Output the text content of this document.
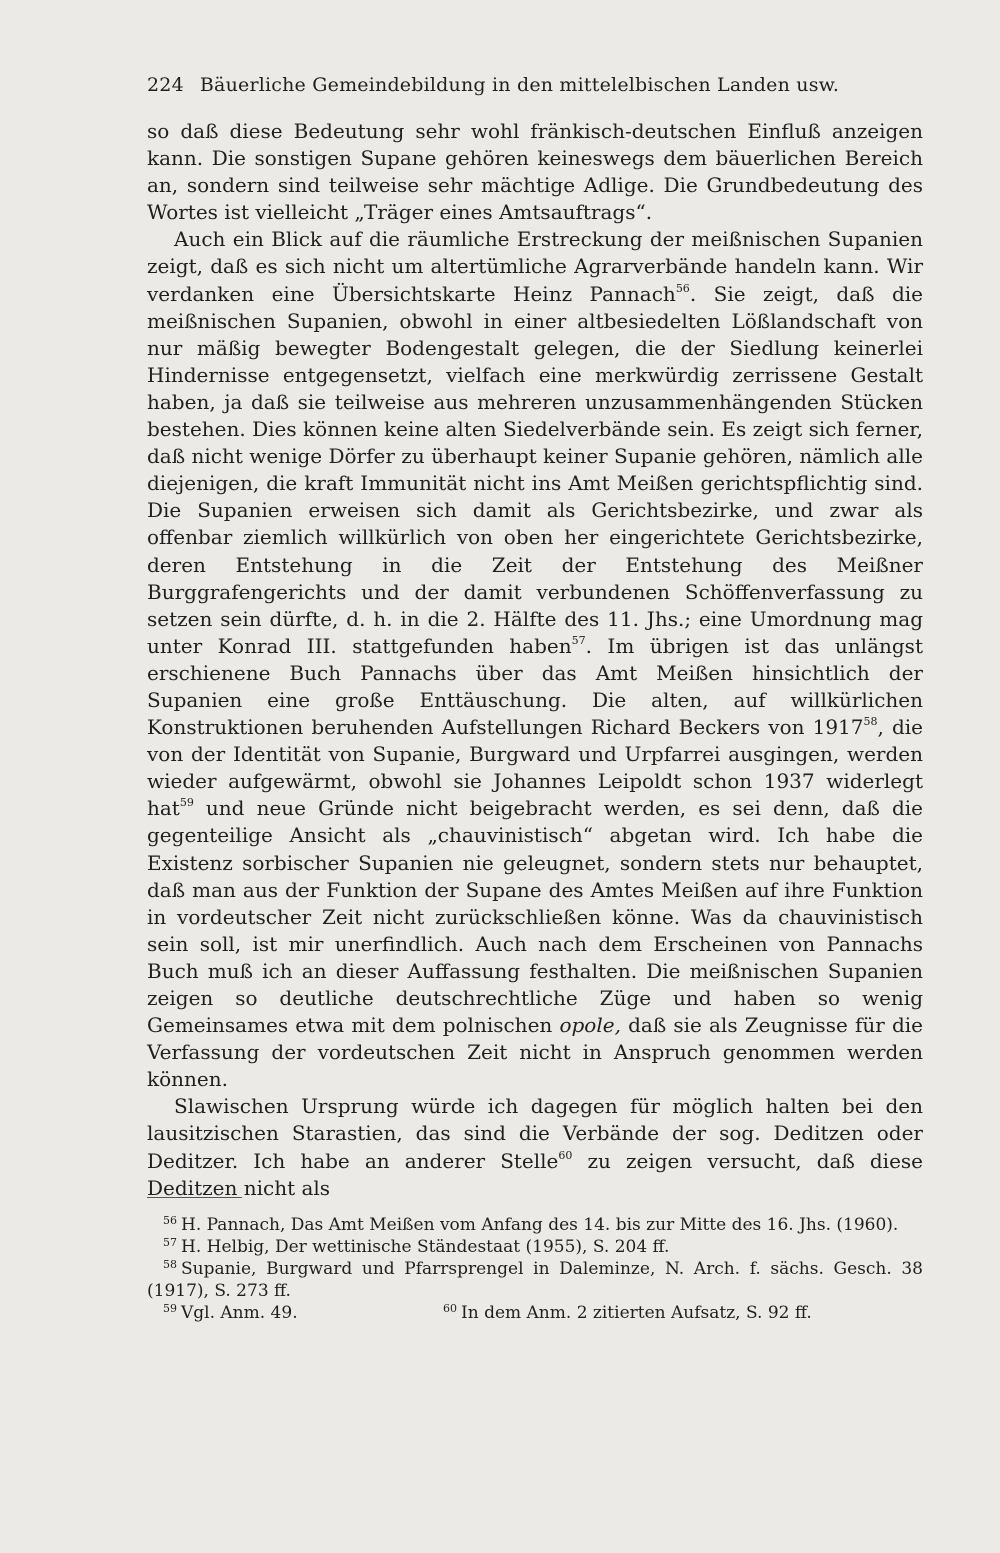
224 Bäuerliche Gemeindebildung in den mittelelbischen Landen usw.

so daß diese Bedeutung sehr wohl fränkisch-deutschen Einfluß anzeigen kann. Die sonstigen Supane gehören keineswegs dem bäuerlichen Bereich an, sondern sind teilweise sehr mächtige Adlige. Die Grundbedeutung des Wortes ist vielleicht „Träger eines Amtsauftrags“.

Auch ein Blick auf die räumliche Erstreckung der meißnischen Supanien zeigt, daß es sich nicht um altertümliche Agrarverbände handeln kann. Wir verdanken eine Übersichtskarte Heinz Pannach$^{56}$. Sie zeigt, daß die meißnischen Supanien, obwohl in einer altbesiedelten Lößlandschaft von nur mäßig bewegter Bodengestalt gelegen, die der Siedlung keinerlei Hindernisse entgegensetzt, vielfach eine merkwürdig zerrissene Gestalt haben, ja daß sie teilweise aus mehreren unzusammenhängenden Stücken bestehen. Dies können keine alten Siedelverbände sein. Es zeigt sich ferner, daß nicht wenige Dörfer zu überhaupt keiner Supanie gehören, nämlich alle diejenigen, die kraft Immunität nicht ins Amt Meißen gerichtspflichtig sind. Die Supanien erweisen sich damit als Gerichtsbezirke, und zwar als offenbar ziemlich willkürlich von oben her eingerichtete Gerichtsbezirke, deren Entstehung in die Zeit der Entstehung des Meißner Burggrafengerichts und der damit verbundenen Schöffenverfassung zu setzen sein dürfte, d. h. in die 2. Hälfte des 11. Jhs.; eine Umordnung mag unter Konrad III. stattgefunden haben$^{57}$. Im übrigen ist das unlängst erschienene Buch Pannachs über das Amt Meißen hinsichtlich der Supanien eine große Enttäuschung. Die alten, auf willkürlichen Konstruktionen beruhenden Aufstellungen Richard Beckers von 1917$^{58}$, die von der Identität von Supanie, Burgward und Urpfarrei ausgingen, werden wieder aufgewärmt, obwohl sie Johannes Leipoldt schon 1937 widerlegt hat$^{59}$ und neue Gründe nicht beigebracht werden, es sei denn, daß die gegenteilige Ansicht als „chauvinistisch“ abgetan wird. Ich habe die Existenz sorbischer Supanien nie geleugnet, sondern stets nur behauptet, daß man aus der Funktion der Supane des Amtes Meißen auf ihre Funktion in vordeutscher Zeit nicht zurückschließen könne. Was da chauvinistisch sein soll, ist mir unerfindlich. Auch nach dem Erscheinen von Pannachs Buch muß ich an dieser Auffassung festhalten. Die meißnischen Supanien zeigen so deutliche deutschrechtliche Züge und haben so wenig Gemeinsames etwa mit dem polnischen opole, daß sie als Zeugnisse für die Verfassung der vordeutschen Zeit nicht in Anspruch genommen werden können.

Slawischen Ursprung würde ich dagegen für möglich halten bei den lausitzischen Starastien, das sind die Verbände der sog. Deditzen oder Deditzer. Ich habe an anderer Stelle$^{60}$ zu zeigen versucht, daß diese Deditzen nicht als

56 H. Pannach, Das Amt Meißen vom Anfang des 14. bis zur Mitte des 16. Jhs. (1960).

57 H. Helbig, Der wettinische Ständestaat (1955), S. 204 ff.

58 Supanie, Burgward und Pfarrsprengel in Daleminze, N. Arch. f. sächs. Gesch. 38 (1917), S. 273 ff.

59 Vgl. Anm. 49.	60 In dem Anm. 2 zitierten Aufsatz, S. 92 ff.
